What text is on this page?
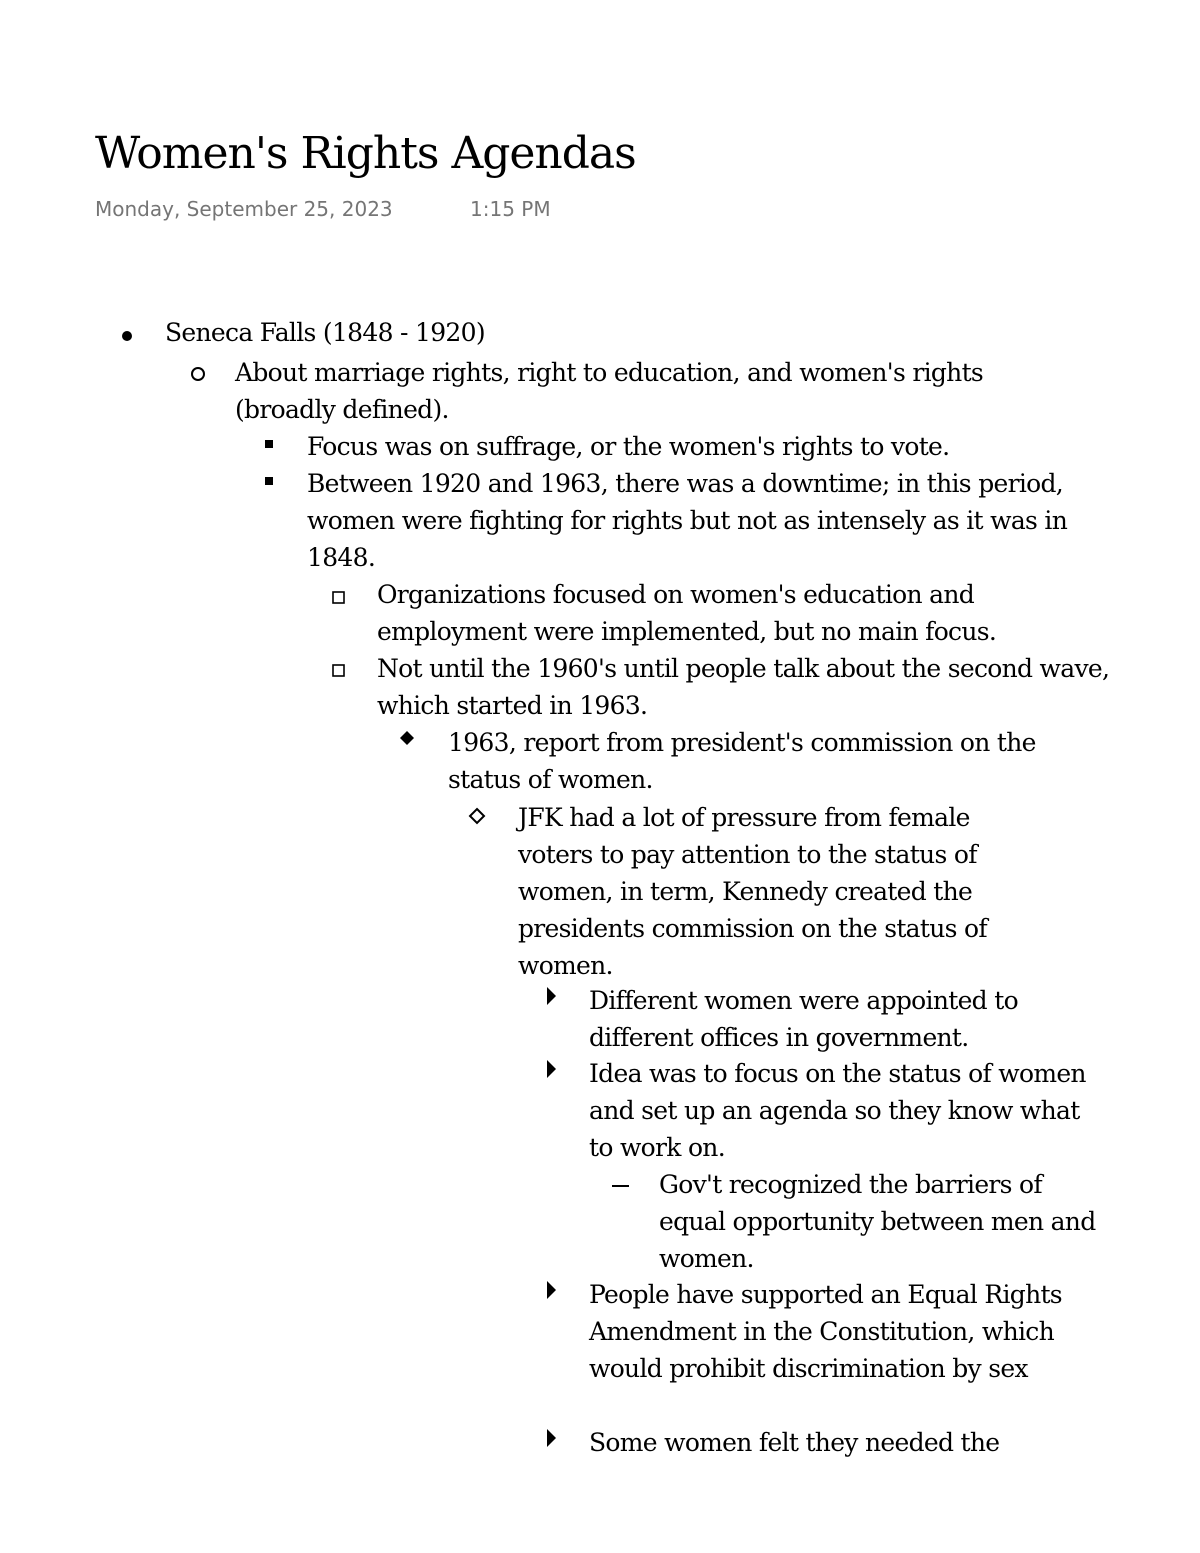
Women's Rights Agendas
Monday, September 25, 2023	1:15 PM
Seneca Falls (1848 - 1920)
About marriage rights, right to education, and women's rights (broadly defined).
Focus was on suffrage, or the women's rights to vote.
Between 1920 and 1963, there was a downtime; in this period, women were fighting for rights but not as intensely as it was in 1848.
Organizations focused on women's education and employment were implemented, but no main focus.
Not until the 1960's until people talk about the second wave, which started in 1963.
1963, report from president's commission on the status of women.
JFK had a lot of pressure from female voters to pay attention to the status of women, in term, Kennedy created the presidents commission on the status of women.
Different women were appointed to different offices in government.
Idea was to focus on the status of women and set up an agenda so they know what to work on.
Gov't recognized the barriers of equal opportunity between men and women.
People have supported an Equal Rights Amendment in the Constitution, which would prohibit discrimination by sex
Some women felt they needed the
